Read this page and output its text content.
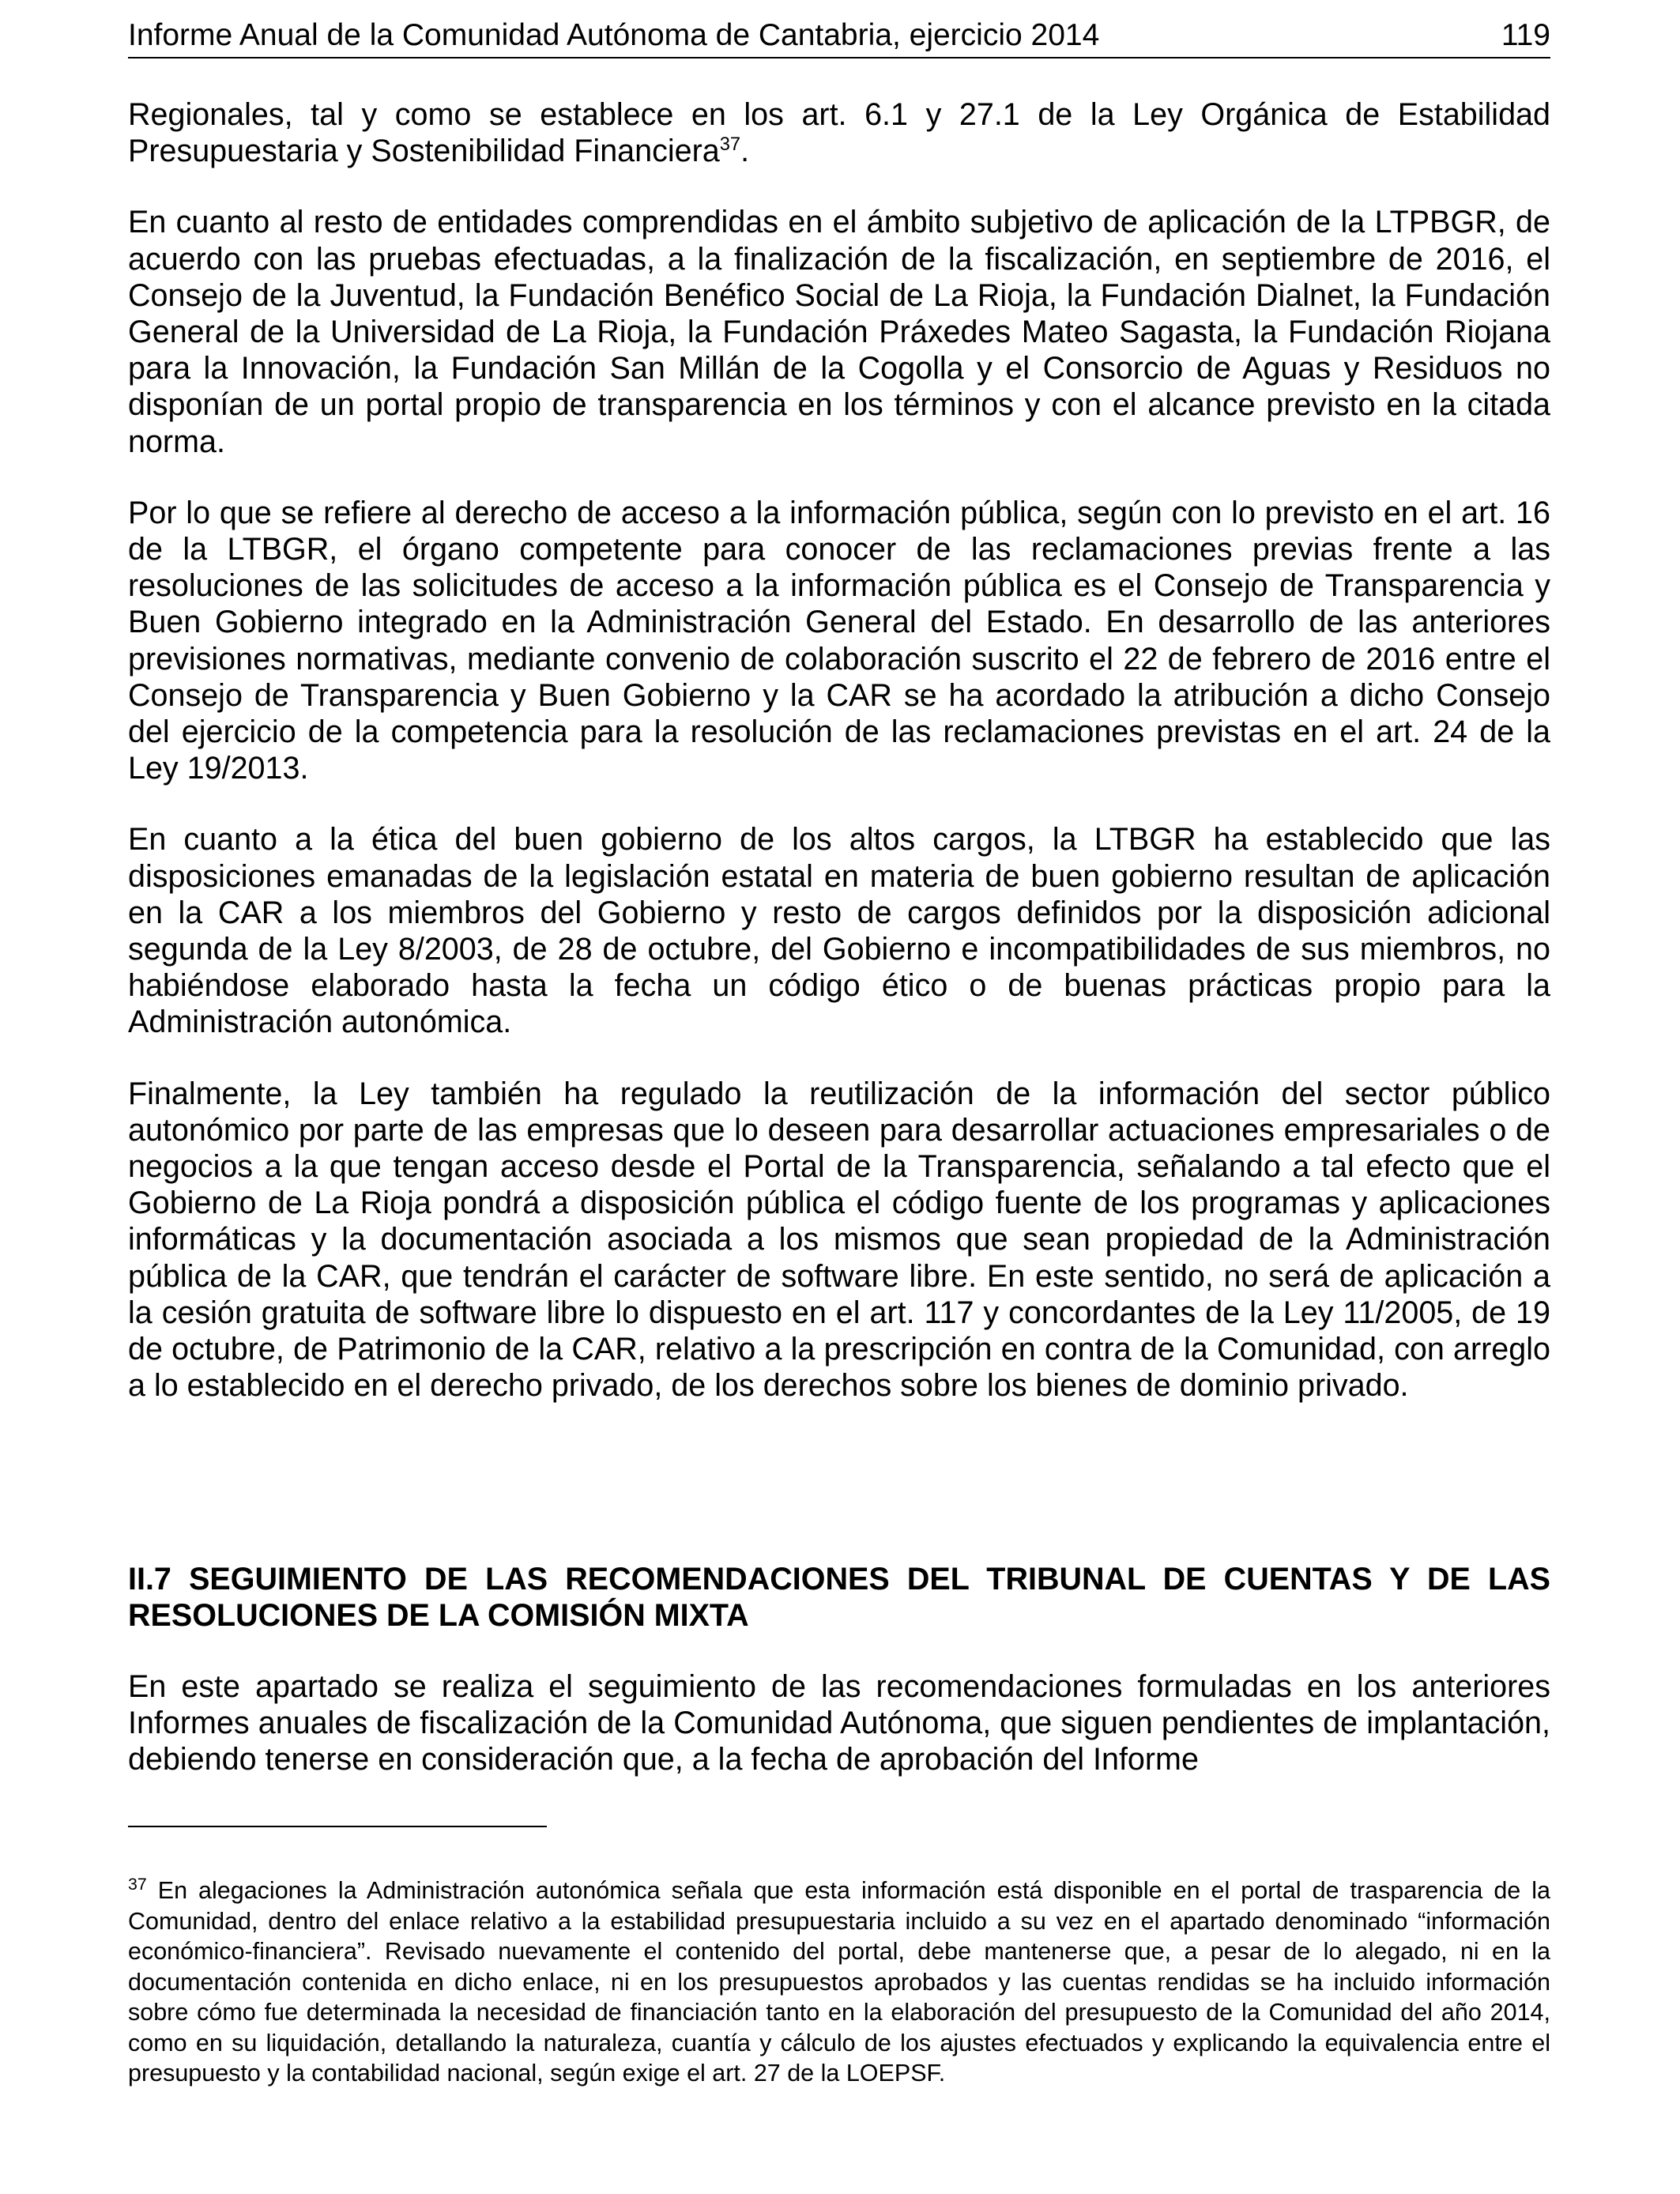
Informe Anual de la Comunidad Autónoma de Cantabria, ejercicio 2014	119

Regionales, tal y como se establece en los art. 6.1 y 27.1 de la Ley Orgánica de Estabilidad Presupuestaria y Sostenibilidad Financiera$^{37}$.

En cuanto al resto de entidades comprendidas en el ámbito subjetivo de aplicación de la LTPBGR, de acuerdo con las pruebas efectuadas, a la finalización de la fiscalización, en septiembre de 2016, el Consejo de la Juventud, la Fundación Benéfico Social de La Rioja, la Fundación Dialnet, la Fundación General de la Universidad de La Rioja, la Fundación Práxedes Mateo Sagasta, la Fundación Riojana para la Innovación, la Fundación San Millán de la Cogolla y el Consorcio de Aguas y Residuos no disponían de un portal propio de transparencia en los términos y con el alcance previsto en la citada norma.

Por lo que se refiere al derecho de acceso a la información pública, según con lo previsto en el art. 16 de la LTBGR, el órgano competente para conocer de las reclamaciones previas frente a las resoluciones de las solicitudes de acceso a la información pública es el Consejo de Transparencia y Buen Gobierno integrado en la Administración General del Estado. En desarrollo de las anteriores previsiones normativas, mediante convenio de colaboración suscrito el 22 de febrero de 2016 entre el Consejo de Transparencia y Buen Gobierno y la CAR se ha acordado la atribución a dicho Consejo del ejercicio de la competencia para la resolución de las reclamaciones previstas en el art. 24 de la Ley 19/2013.

En cuanto a la ética del buen gobierno de los altos cargos, la LTBGR ha establecido que las disposiciones emanadas de la legislación estatal en materia de buen gobierno resultan de aplicación en la CAR a los miembros del Gobierno y resto de cargos definidos por la disposición adicional segunda de la Ley 8/2003, de 28 de octubre, del Gobierno e incompatibilidades de sus miembros, no habiéndose elaborado hasta la fecha un código ético o de buenas prácticas propio para la Administración autonómica.

Finalmente, la Ley también ha regulado la reutilización de la información del sector público autonómico por parte de las empresas que lo deseen para desarrollar actuaciones empresariales o de negocios a la que tengan acceso desde el Portal de la Transparencia, señalando a tal efecto que el Gobierno de La Rioja pondrá a disposición pública el código fuente de los programas y aplicaciones informáticas y la documentación asociada a los mismos que sean propiedad de la Administración pública de la CAR, que tendrán el carácter de software libre. En este sentido, no será de aplicación a la cesión gratuita de software libre lo dispuesto en el art. 117 y concordantes de la Ley 11/2005, de 19 de octubre, de Patrimonio de la CAR, relativo a la prescripción en contra de la Comunidad, con arreglo a lo establecido en el derecho privado, de los derechos sobre los bienes de dominio privado.

II.7 SEGUIMIENTO DE LAS RECOMENDACIONES DEL TRIBUNAL DE CUENTAS Y DE LAS RESOLUCIONES DE LA COMISIÓN MIXTA

En este apartado se realiza el seguimiento de las recomendaciones formuladas en los anteriores Informes anuales de fiscalización de la Comunidad Autónoma, que siguen pendientes de implantación, debiendo tenerse en consideración que, a la fecha de aprobación del Informe

$^{37}$ En alegaciones la Administración autonómica señala que esta información está disponible en el portal de trasparencia de la Comunidad, dentro del enlace relativo a la estabilidad presupuestaria incluido a su vez en el apartado denominado “información económico-financiera”. Revisado nuevamente el contenido del portal, debe mantenerse que, a pesar de lo alegado, ni en la documentación contenida en dicho enlace, ni en los presupuestos aprobados y las cuentas rendidas se ha incluido información sobre cómo fue determinada la necesidad de financiación tanto en la elaboración del presupuesto de la Comunidad del año 2014, como en su liquidación, detallando la naturaleza, cuantía y cálculo de los ajustes efectuados y explicando la equivalencia entre el presupuesto y la contabilidad nacional, según exige el art. 27 de la LOEPSF.
